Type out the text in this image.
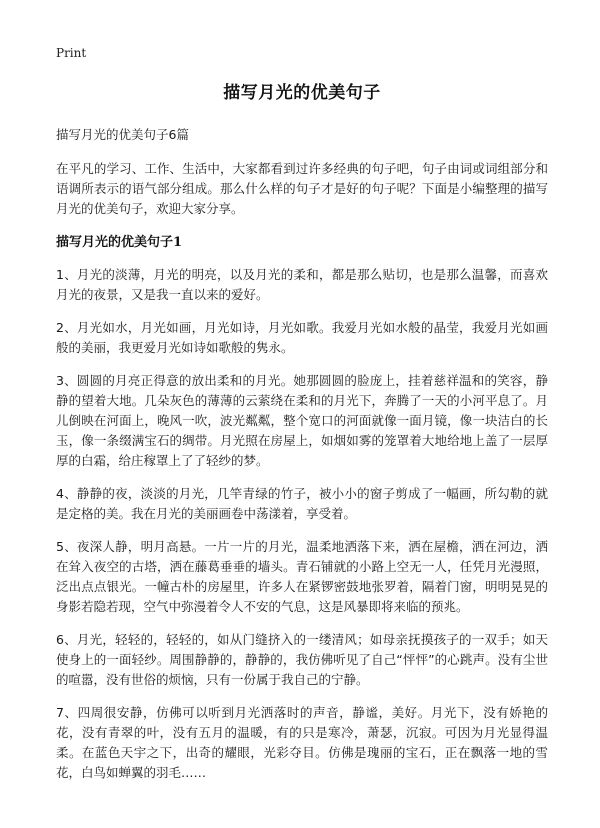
Print
描写月光的优美句子
描写月光的优美句子6篇
在平凡的学习、工作、生活中，大家都看到过许多经典的句子吧，句子由词或词组部分和语调所表示的语气部分组成。那么什么样的句子才是好的句子呢？下面是小编整理的描写月光的优美句子，欢迎大家分享。
描写月光的优美句子1
1、月光的淡薄，月光的明亮，以及月光的柔和，都是那么贴切，也是那么温馨，而喜欢月光的夜景，又是我一直以来的爱好。
2、月光如水，月光如画，月光如诗，月光如歌。我爱月光如水般的晶莹，我爱月光如画般的美丽，我更爱月光如诗如歌般的隽永。
3、圆圆的月亮正得意的放出柔和的月光。她那圆圆的脸庞上，挂着慈祥温和的笑容，静静的望着大地。几朵灰色的薄薄的云萦绕在柔和的月光下，奔腾了一天的小河平息了。月儿倒映在河面上，晚风一吹，波光粼粼，整个宽口的河面就像一面月镜，像一块洁白的长玉，像一条缀满宝石的绸带。月光照在房屋上，如烟如雾的笼罩着大地给地上盖了一层厚厚的白霜，给庄稼罩上了了轻纱的梦。
4、静静的夜，淡淡的月光，几竿青绿的竹子，被小小的窗子剪成了一幅画，所勾勒的就是定格的美。我在月光的美丽画卷中荡漾着，享受着。
5、夜深人静，明月高悬。一片一片的月光，温柔地洒落下来，洒在屋檐，洒在河边，洒在耸入夜空的古塔，洒在藤葛垂垂的墙头。青石铺就的小路上空无一人，任凭月光漫照，泛出点点银光。一幢古朴的房屋里，许多人在紧锣密鼓地张罗着，隔着门窗，明明晃晃的身影若隐若现，空气中弥漫着令人不安的气息，这是风暴即将来临的预兆。
6、月光，轻轻的，轻轻的，如从门缝挤入的一缕清风；如母亲抚摸孩子的一双手；如天使身上的一面轻纱。周围静静的，静静的，我仿佛听见了自己“怦怦”的心跳声。没有尘世的喧嚣，没有世俗的烦恼，只有一份属于我自己的宁静。
7、四周很安静，仿佛可以听到月光洒落时的声音，静谧，美好。月光下，没有娇艳的花，没有青翠的叶，没有五月的温暖，有的只是寒冷，萧瑟，沉寂。可因为月光显得温柔。在蓝色天宇之下，出奇的耀眼，光彩夺目。仿佛是瑰丽的宝石，正在飘落一地的雪花，白鸟如蝉翼的羽毛……
